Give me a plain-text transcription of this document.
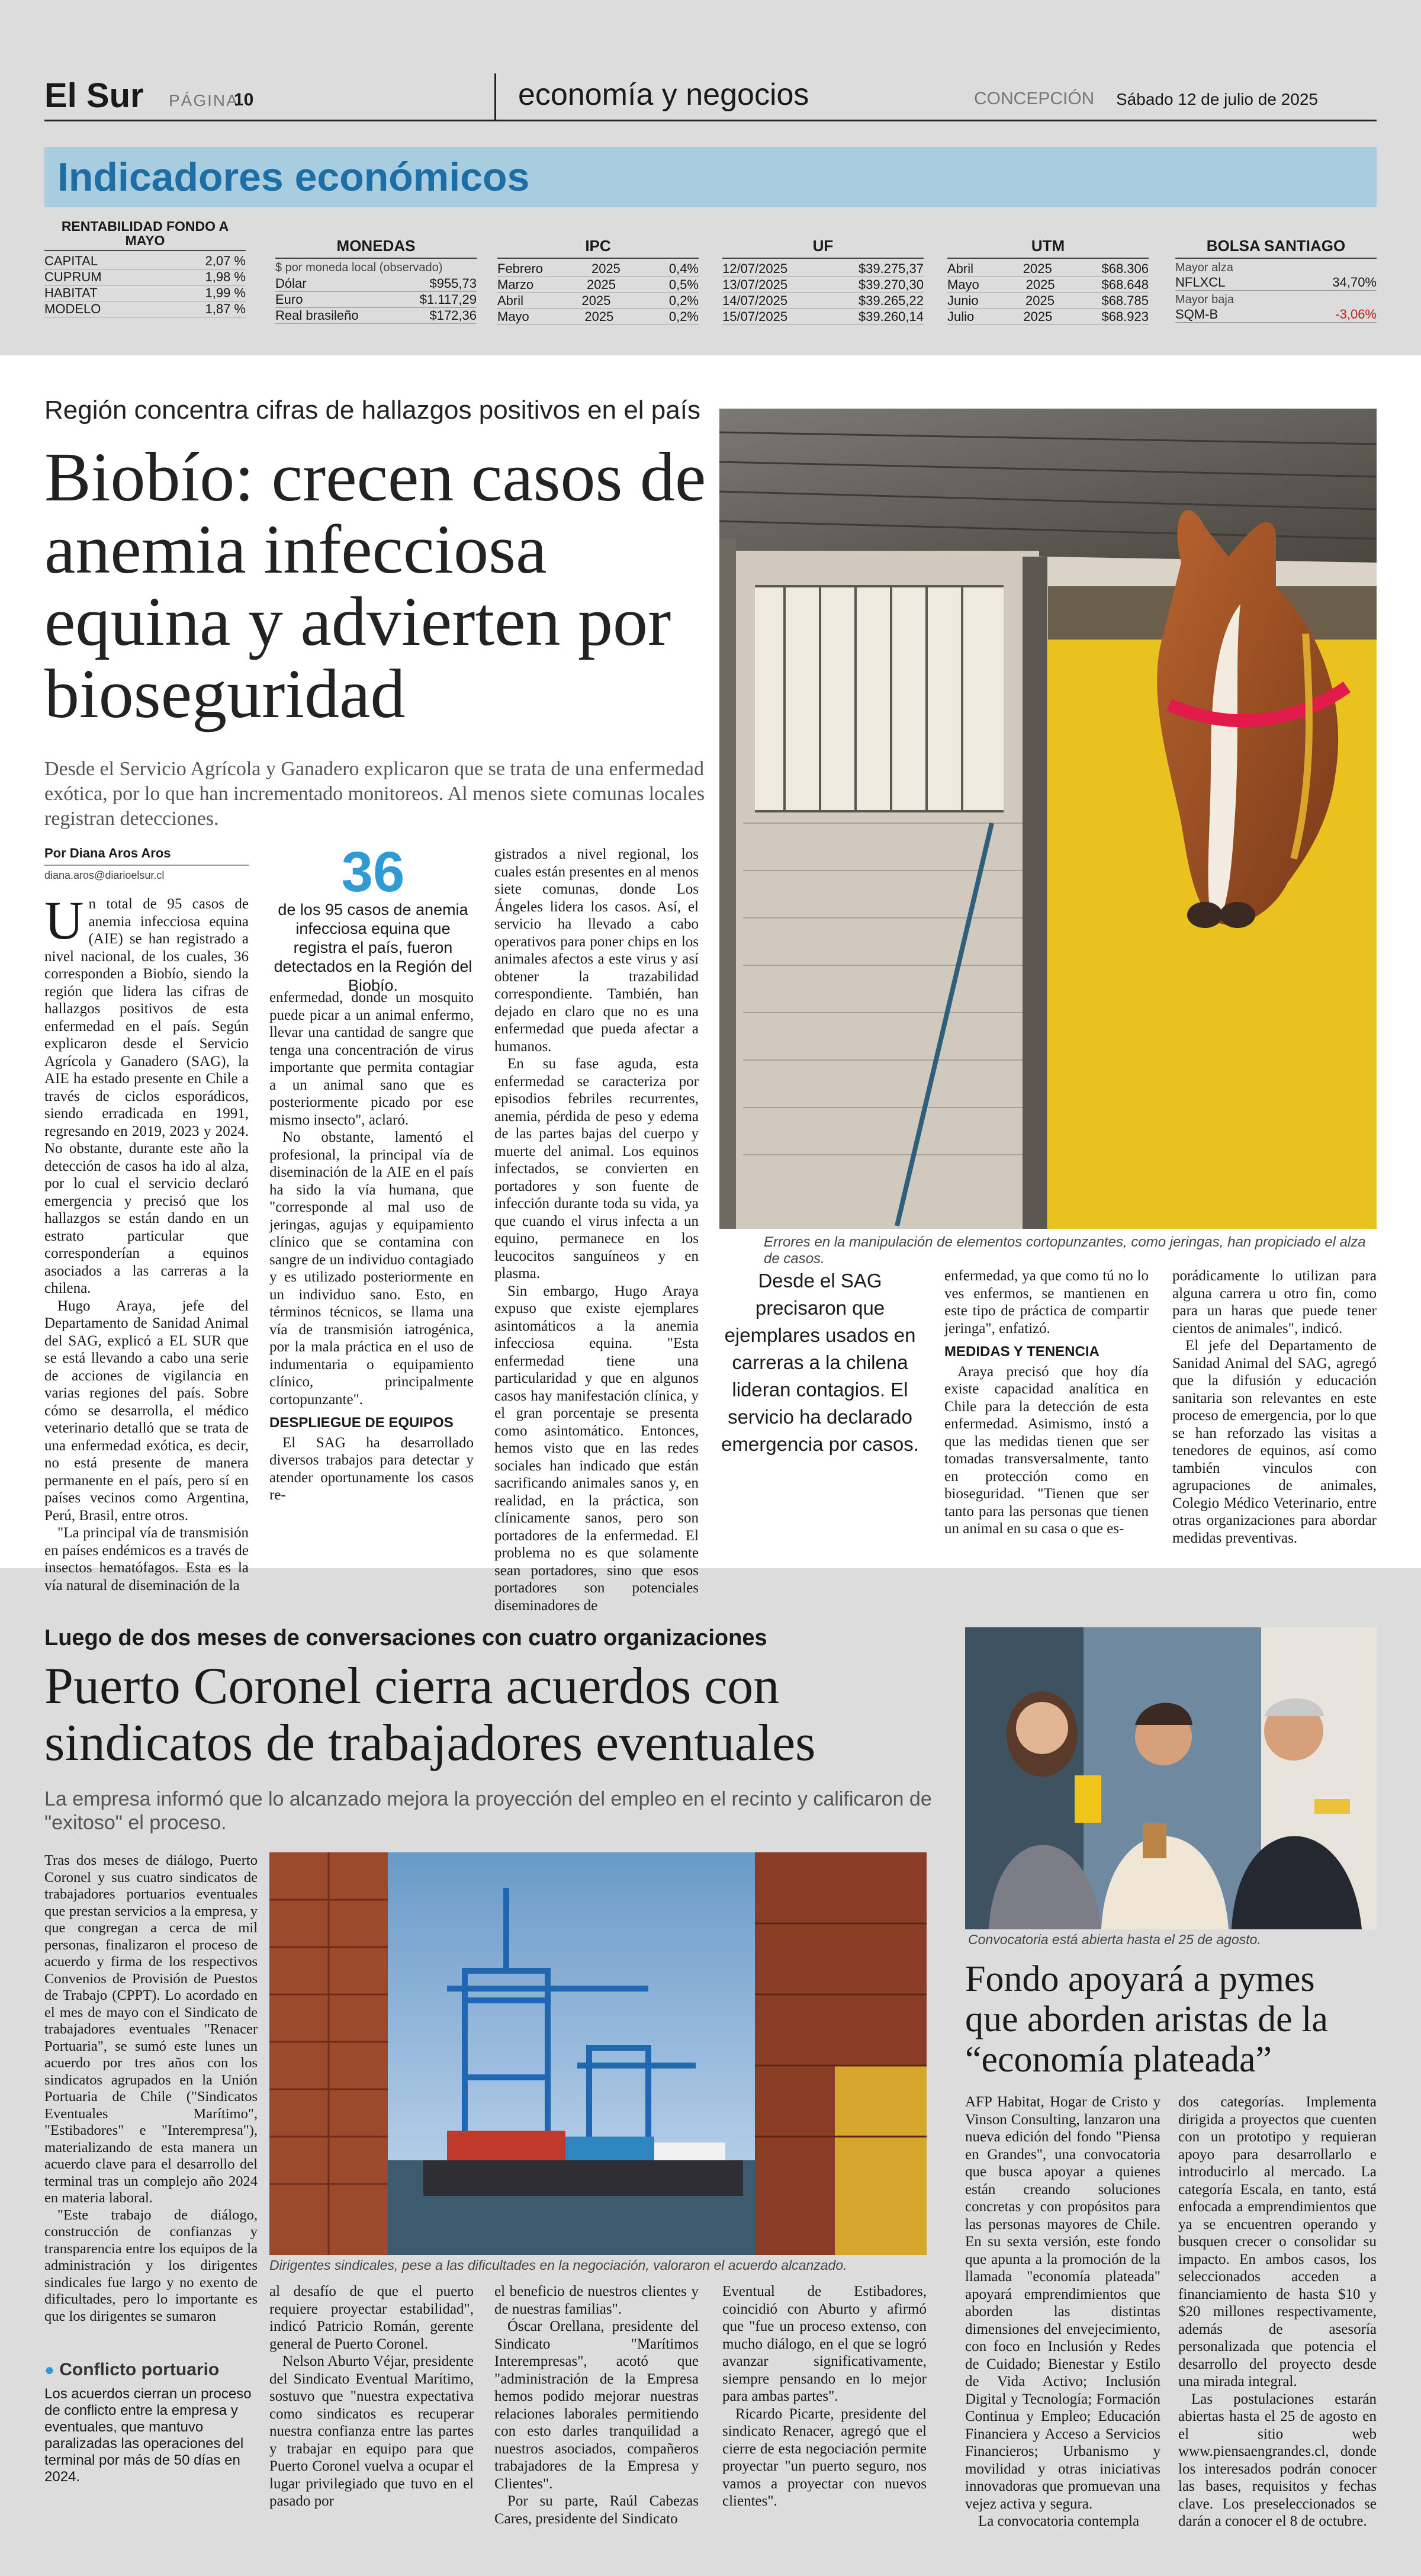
El Sur PÁGINA
10	economía y negocios	CONCEPCIÓN Sábado 12 de julio de 2025
Indicadores económicos
RENTABILIDAD FONDO A MAYO
CAPITAL	2,07 %
CUPRUM	1,98 %
HABITAT	1,99 %
MODELO	1,87 %
MONEDAS
$ por moneda local (observado)
Dólar	$955,73
Euro	$1.117,29
Real brasileño	$172,36
IPC
Febrero	2025	0,4%
Marzo	2025	0,5%
Abril	2025	0,2%
Mayo	2025	0,2%
UF
12/07/2025	$39.275,37
13/07/2025	$39.270,30
14/07/2025	$39.265,22
15/07/2025	$39.260,14
UTM
Abril	2025	$68.306
Mayo	2025	$68.648
Junio	2025	$68.785
Julio	2025	$68.923
BOLSA SANTIAGO
Mayor alza
NFLXCL	34,70%
Mayor baja
SQM-B	-3,06%
Región concentra cifras de hallazgos positivos en el país
Biobío: crecen casos de anemia infecciosa equina y advierten por bioseguridad
Desde el Servicio Agrícola y Ganadero explicaron que se trata de una enfermedad exótica, por lo que han incrementado monitoreos. Al menos siete comunas locales registran detecciones.
Errores en la manipulación de elementos cortopunzantes, como jeringas, han propiciado el alza de casos.
Por Diana Aros Aros
diana.aros@diarioelsur.cl	36
de los 95 casos de anemia infecciosa equina que registra el país, fueron detectados en la Región del Biobío.

Un total de 95 casos de anemia infecciosa equina (AIE) se han registrado a nivel nacional, de los cuales, 36 corresponden a Biobío, siendo la región que lidera las cifras de hallazgos positivos de esta enfermedad en el país. Según explicaron desde el Servicio Agrícola y Ganadero (SAG), la AIE ha estado presente en Chile a través de ciclos esporádicos, siendo erradicada en 1991, regresando en 2019, 2023 y 2024. No obstante, durante este año la detección de casos ha ido al alza, por lo cual el servicio declaró emergencia y precisó que los hallazgos se están dando en un estrato particular que corresponderían a equinos asociados a las carreras a la chilena.

Hugo Araya, jefe del Departamento de Sanidad Animal del SAG, explicó a EL SUR que se está llevando a cabo una serie de acciones de vigilancia en varias regiones del país. Sobre cómo se desarrolla, el médico veterinario detalló que se trata de una enfermedad exótica, es decir, no está presente de manera permanente en el país, pero sí en países vecinos como Argentina, Perú, Brasil, entre otros.

"La principal vía de transmisión en países endémicos es a través de insectos hematófagos. Esta es la vía natural de diseminación de la

enfermedad, donde un mosquito puede picar a un animal enfermo, llevar una cantidad de sangre que tenga una concentración de virus importante que permita contagiar a un animal sano que es posteriormente picado por ese mismo insecto", aclaró.

No obstante, lamentó el profesional, la principal vía de diseminación de la AIE en el país ha sido la vía humana, que "corresponde al mal uso de jeringas, agujas y equipamiento clínico que se contamina con sangre de un individuo contagiado y es utilizado posteriormente en un individuo sano. Esto, en términos técnicos, se llama una vía de transmisión iatrogénica, por la mala práctica en el uso de indumentaria o equipamiento clínico, principalmente cortopunzante".

DESPLIEGUE DE EQUIPOS

El SAG ha desarrollado diversos trabajos para detectar y atender oportunamente los casos re-

gistrados a nivel regional, los cuales están presentes en al menos siete comunas, donde Los Ángeles lidera los casos. Así, el servicio ha llevado a cabo operativos para poner chips en los animales afectos a este virus y así obtener la trazabilidad correspondiente. También, han dejado en claro que no es una enfermedad que pueda afectar a humanos.

En su fase aguda, esta enfermedad se caracteriza por episodios febriles recurrentes, anemia, pérdida de peso y edema de las partes bajas del cuerpo y muerte del animal. Los equinos infectados, se convierten en portadores y son fuente de infección durante toda su vida, ya que cuando el virus infecta a un equino, permanece en los leucocitos sanguíneos y en plasma.

Sin embargo, Hugo Araya expuso que existe ejemplares asintomáticos a la anemia infecciosa equina. "Esta enfermedad tiene una particularidad y que en algunos casos hay manifestación clínica, y el gran porcentaje se presenta como asintomático. Entonces, hemos visto que en las redes sociales han indicado que están sacrificando animales sanos y, en realidad, en la práctica, son clínicamente sanos, pero son portadores de la enfermedad. El problema no es que solamente sean portadores, sino que esos portadores son potenciales diseminadores de

Desde el SAG precisaron que ejemplares usados en carreras a la chilena lideran contagios. El servicio ha declarado emergencia por casos.

enfermedad, ya que como tú no lo ves enfermos, se mantienen en este tipo de práctica de compartir jeringa", enfatizó.

MEDIDAS Y TENENCIA

Araya precisó que hoy día existe capacidad analítica en Chile para la detección de esta enfermedad. Asimismo, instó a que las medidas tienen que ser tomadas transversalmente, tanto en protección como en bioseguridad. "Tienen que ser tanto para las personas que tienen un animal en su casa o que es-

porádicamente lo utilizan para alguna carrera u otro fin, como para un haras que puede tener cientos de animales", indicó.

El jefe del Departamento de Sanidad Animal del SAG, agregó que la difusión y educación sanitaria son relevantes en este proceso de emergencia, por lo que se han reforzado las visitas a tenedores de equinos, así como también vinculos con agrupaciones de animales, Colegio Médico Veterinario, entre otras organizaciones para abordar medidas preventivas.

Luego de dos meses de conversaciones con cuatro organizaciones
Puerto Coronel cierra acuerdos con sindicatos de trabajadores eventuales
La empresa informó que lo alcanzado mejora la proyección del empleo en el recinto y calificaron de "exitoso" el proceso.

Tras dos meses de diálogo, Puerto Coronel y sus cuatro sindicatos de trabajadores portuarios eventuales que prestan servicios a la empresa, y que congregan a cerca de mil personas, finalizaron el proceso de acuerdo y firma de los respectivos Convenios de Provisión de Puestos de Trabajo (CPPT). Lo acordado en el mes de mayo con el Sindicato de trabajadores eventuales "Renacer Portuaria", se sumó este lunes un acuerdo por tres años con los sindicatos agrupados en la Unión Portuaria de Chile ("Sindicatos Eventuales Marítimo", "Estibadores" e "Interempresa"), materializando de esta manera un acuerdo clave para el desarrollo del terminal tras un complejo año 2024 en materia laboral.

"Este trabajo de diálogo, construcción de confianzas y transparencia entre los equipos de la administración y los dirigentes sindicales fue largo y no exento de dificultades, pero lo importante es que los dirigentes se sumaron

Dirigentes sindicales, pese a las dificultades en la negociación, valoraron el acuerdo alcanzado.

al desafío de que el puerto requiere proyectar estabilidad", indicó Patricio Román, gerente general de Puerto Coronel.

Nelson Aburto Véjar, presidente del Sindicato Eventual Marítimo, sostuvo que "nuestra expectativa como sindicatos es recuperar nuestra confianza entre las partes y trabajar en equipo para que Puerto Coronel vuelva a ocupar el lugar privilegiado que tuvo en el pasado por

el beneficio de nuestros clientes y de nuestras familias".

Óscar Orellana, presidente del Sindicato "Marítimos Interempresas", acotó que "administración de la Empresa hemos podido mejorar nuestras relaciones laborales permitiendo con esto darles tranquilidad a nuestros asociados, compañeros trabajadores de la Empresa y Clientes".

Por su parte, Raúl Cabezas Cares, presidente del Sindicato

Eventual de Estibadores, coincidió con Aburto y afirmó que "fue un proceso extenso, con mucho diálogo, en el que se logró avanzar significativamente, siempre pensando en lo mejor para ambas partes".

Ricardo Picarte, presidente del sindicato Renacer, agregó que el cierre de esta negociación permite proyectar "un puerto seguro, nos vamos a proyectar con nuevos clientes".

● Conflicto portuario
Los acuerdos cierran un proceso de conflicto entre la empresa y eventuales, que mantuvo paralizadas las operaciones del terminal por más de 50 días en 2024.
Convocatoria está abierta hasta el 25 de agosto.
Fondo apoyará a pymes que aborden aristas de la “economía plateada”

AFP Habitat, Hogar de Cristo y Vinson Consulting, lanzaron una nueva edición del fondo "Piensa en Grandes", una convocatoria que busca apoyar a quienes están creando soluciones concretas y con propósitos para las personas mayores de Chile. En su sexta versión, este fondo que apunta a la promoción de la llamada "economía plateada" apoyará emprendimientos que aborden las distintas dimensiones del envejecimiento, con foco en Inclusión y Redes de Cuidado; Bienestar y Estilo de Vida Activo; Inclusión Digital y Tecnología; Formación Continua y Empleo; Educación Financiera y Acceso a Servicios Financieros; Urbanismo y movilidad y otras iniciativas innovadoras que promuevan una vejez activa y segura.

La convocatoria contempla

dos categorías. Implementa dirigida a proyectos que cuenten con un prototipo y requieran apoyo para desarrollarlo e introducirlo al mercado. La categoría Escala, en tanto, está enfocada a emprendimientos que ya se encuentren operando y busquen crecer o consolidar su impacto. En ambos casos, los seleccionados acceden a financiamiento de hasta $10 y $20 millones respectivamente, además de asesoría personalizada que potencia el desarrollo del proyecto desde una mirada integral.

Las postulaciones estarán abiertas hasta el 25 de agosto en el sitio web www.piensaengrandes.cl, donde los interesados podrán conocer las bases, requisitos y fechas clave. Los preseleccionados se darán a conocer el 8 de octubre.
